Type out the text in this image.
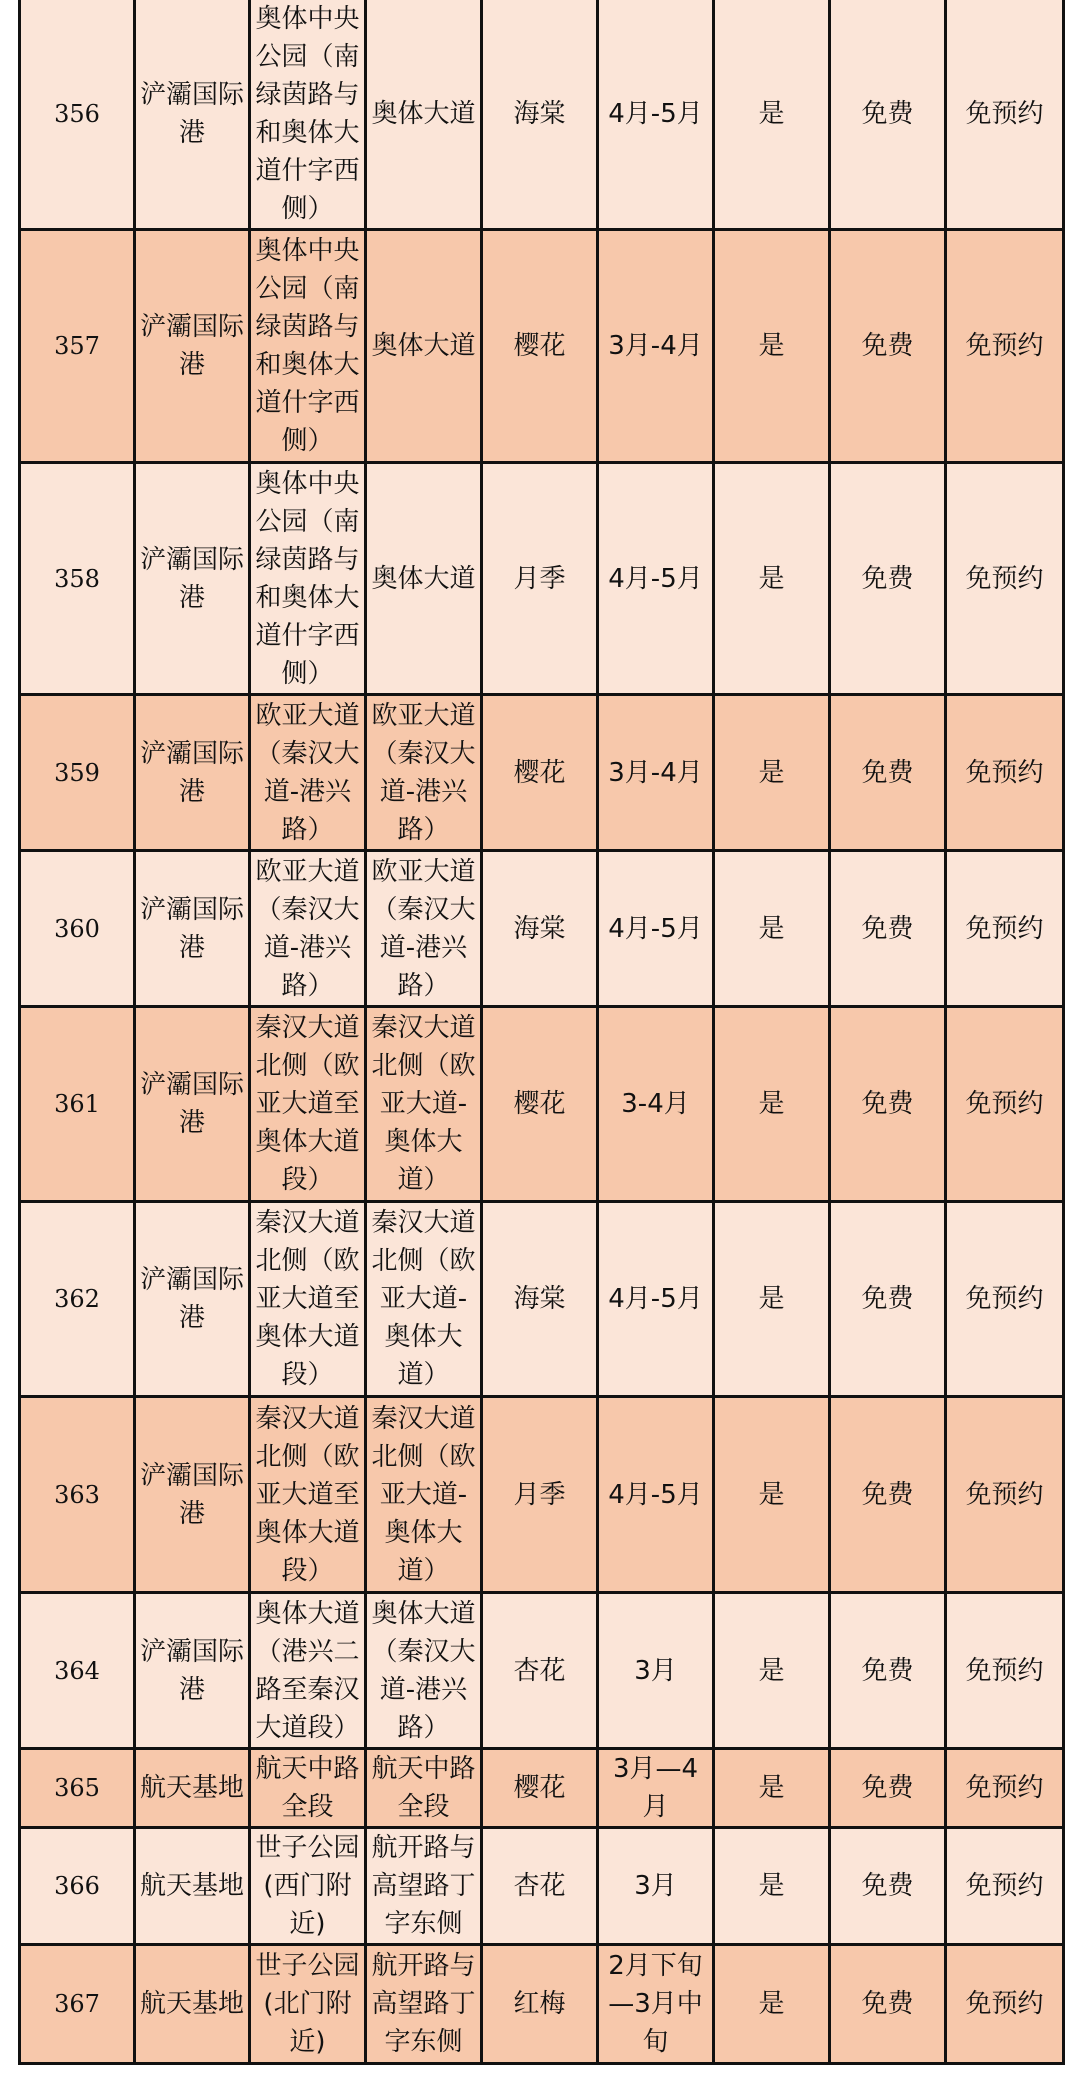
356	浐灞国际港	奥体中央公园（南绿茵路与和奥体大道什字西侧）	奥体大道	海棠	4月-5月	是	免费	免预约
357	浐灞国际港	奥体中央公园（南绿茵路与和奥体大道什字西侧）	奥体大道	樱花	3月-4月	是	免费	免预约
358	浐灞国际港	奥体中央公园（南绿茵路与和奥体大道什字西侧）	奥体大道	月季	4月-5月	是	免费	免预约
359	浐灞国际港	欧亚大道（秦汉大道-港兴路）	欧亚大道（秦汉大道-港兴路）	樱花	3月-4月	是	免费	免预约
360	浐灞国际港	欧亚大道（秦汉大道-港兴路）	欧亚大道（秦汉大道-港兴路）	海棠	4月-5月	是	免费	免预约
361	浐灞国际港	秦汉大道北侧（欧亚大道至奥体大道段）	秦汉大道北侧（欧亚大道-奥体大道）	樱花	3-4月	是	免费	免预约
362	浐灞国际港	秦汉大道北侧（欧亚大道至奥体大道段）	秦汉大道北侧（欧亚大道-奥体大道）	海棠	4月-5月	是	免费	免预约
363	浐灞国际港	秦汉大道北侧（欧亚大道至奥体大道段）	秦汉大道北侧（欧亚大道-奥体大道）	月季	4月-5月	是	免费	免预约
364	浐灞国际港	奥体大道（港兴二路至秦汉大道段）	奥体大道（秦汉大道-港兴路）	杏花	3月	是	免费	免预约
365	航天基地	航天中路全段	航天中路全段	樱花	3月—4月	是	免费	免预约
366	航天基地	世子公园(西门附近)	航开路与高望路丁字东侧	杏花	3月	是	免费	免预约
367	航天基地	世子公园(北门附近)	航开路与高望路丁字东侧	红梅	2月下旬—3月中旬	是	免费	免预约
